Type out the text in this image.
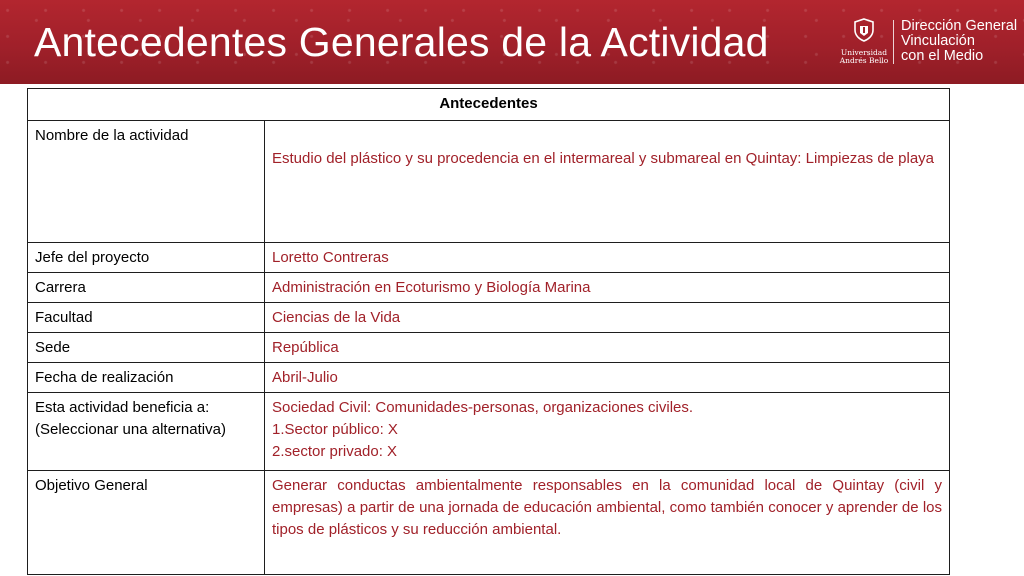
Antecedentes Generales de la Actividad	Universidad
Andrés Bello
Dirección General
Vinculación
con el Medio
Antecedentes	
Nombre de la actividad	Estudio del plástico y su procedencia en el intermareal y submareal en Quintay: Limpiezas de playa
Jefe del proyecto	Loretto Contreras
Carrera	Administración en Ecoturismo y Biología Marina
Facultad	Ciencias de la Vida
Sede	República
Fecha de realización	Abril-Julio
Esta actividad beneficia a: (Seleccionar una alternativa)	Sociedad Civil: Comunidades-personas, organizaciones civiles.
1.Sector público: X
2.sector privado: X

Objetivo General	Generar conductas ambientalmente responsables en la comunidad local de Quintay (civil y empresas) a partir de una jornada de educación ambiental, como también conocer y aprender de los tipos de plásticos y su reducción ambiental.
